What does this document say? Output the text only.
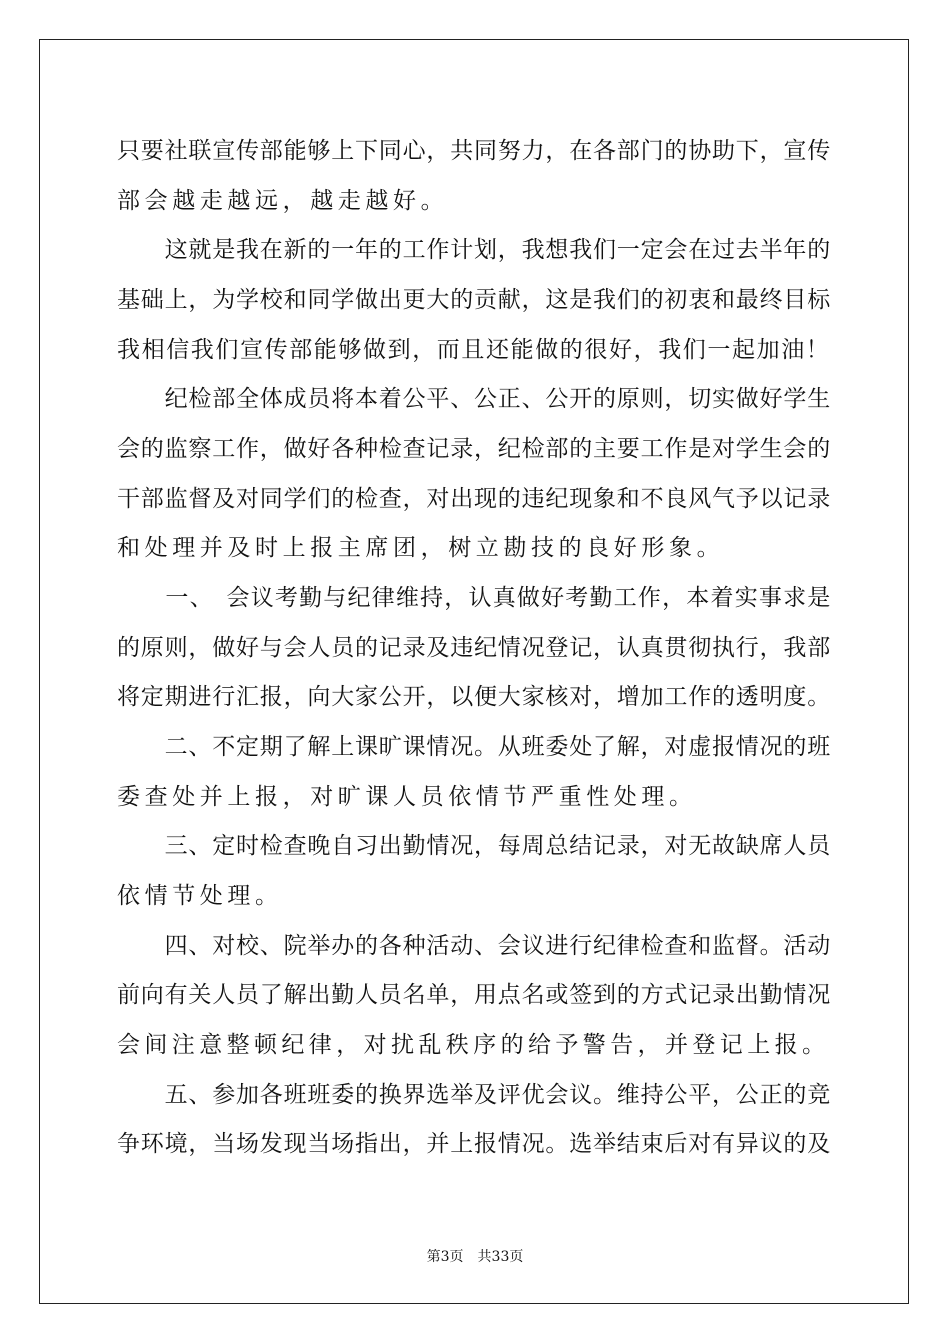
只要社联宣传部能够上下同心，共同努力，在各部门的协助下，宣传

部会越走越远，越走越好。

　　这就是我在新的一年的工作计划，我想我们一定会在过去半年的

基础上，为学校和同学做出更大的贡献，这是我们的初衷和最终目标

我相信我们宣传部能够做到，而且还能做的很好，我们一起加油！

　　纪检部全体成员将本着公平、公正、公开的原则，切实做好学生

会的监察工作，做好各种检查记录，纪检部的主要工作是对学生会的

干部监督及对同学们的检查，对出现的违纪现象和不良风气予以记录

和处理并及时上报主席团，树立勘技的良好形象。

　　一、　会议考勤与纪律维持，认真做好考勤工作，本着实事求是

的原则，做好与会人员的记录及违纪情况登记，认真贯彻执行，我部

将定期进行汇报，向大家公开，以便大家核对，增加工作的透明度。

　　二、不定期了解上课旷课情况。从班委处了解，对虚报情况的班

委查处并上报，对旷课人员依情节严重性处理。

　　三、定时检查晚自习出勤情况，每周总结记录，对无故缺席人员

依情节处理。

　　四、对校、院举办的各种活动、会议进行纪律检查和监督。活动

前向有关人员了解出勤人员名单，用点名或签到的方式记录出勤情况

会间注意整顿纪律，对扰乱秩序的给予警告，并登记上报。

　　五、参加各班班委的换界选举及评优会议。维持公平，公正的竞

争环境，当场发现当场指出，并上报情况。选举结束后对有异议的及

第3页 共33页
